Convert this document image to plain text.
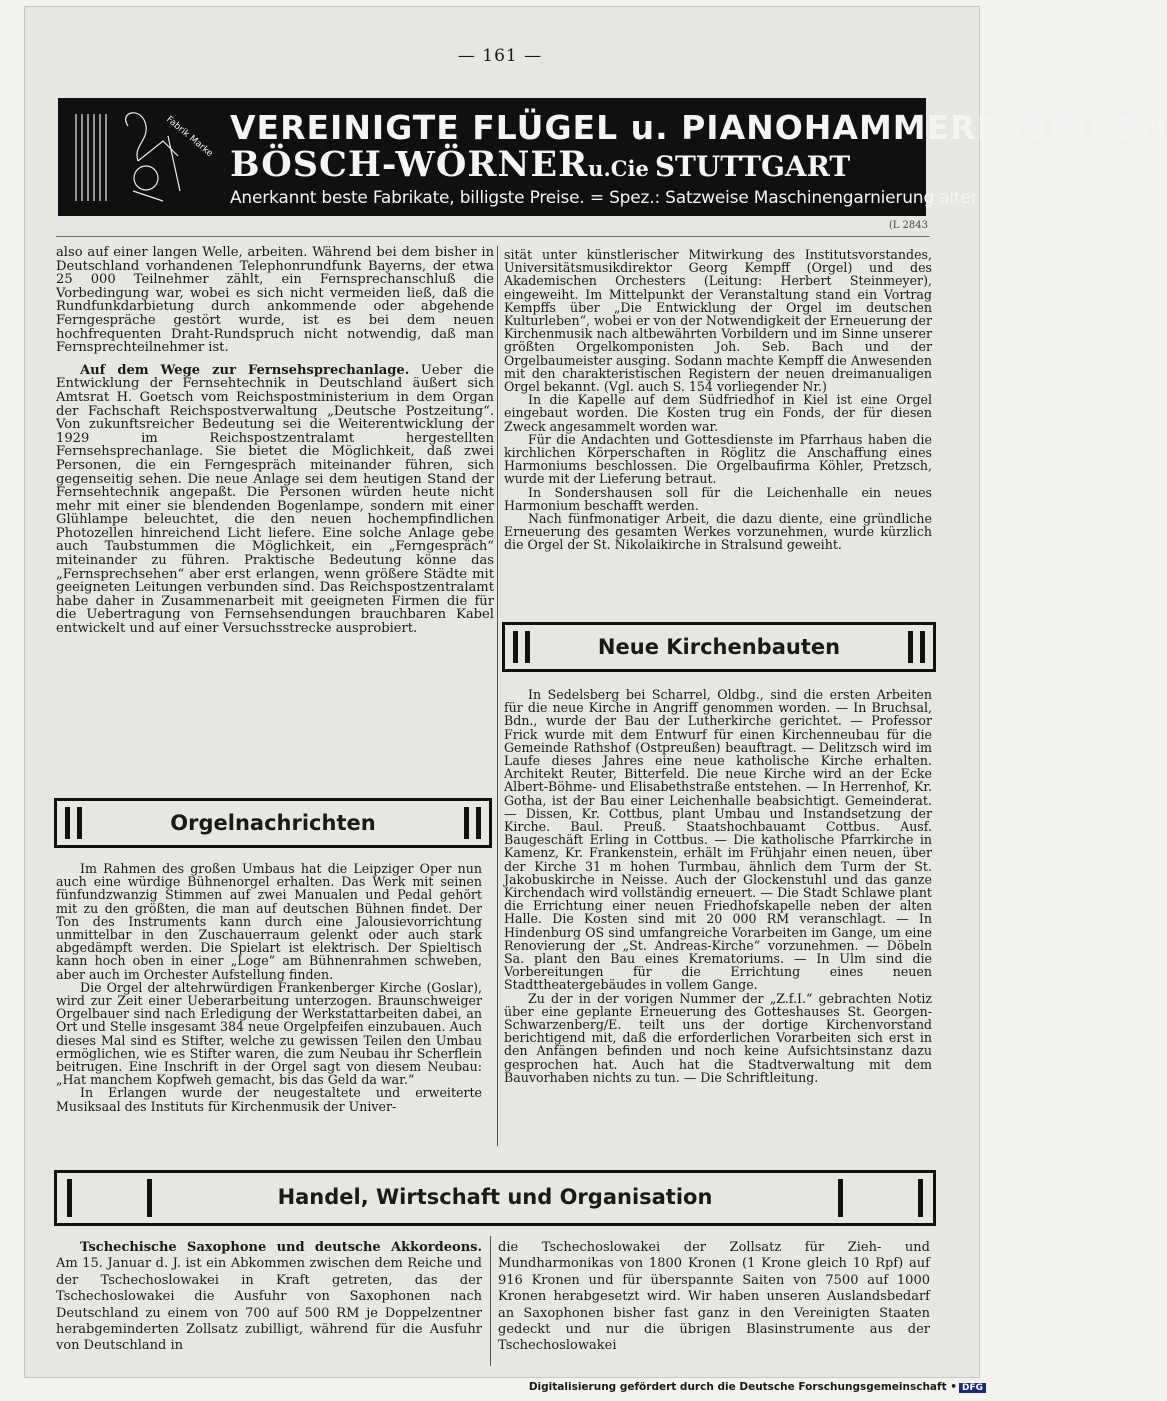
— 161 —
Fabrik Marke VEREINIGTE FLÜGEL u. PIANOHAMMERFABRIKEN
BÖSCH-WÖRNERu.Cie STUTTGART
Anerkannt beste Fabrikate, billigste Preise. = Spez.: Satzweise Maschinengarnierung alter Hämmer.
(L 2843

also auf einer langen Welle, arbeiten. Während bei dem bisher in Deutschland vorhandenen Telephonrundfunk Bayerns, der etwa 25 000 Teilnehmer zählt, ein Fernsprechanschluß die Vorbedingung war, wobei es sich nicht vermeiden ließ, daß die Rundfunkdarbietung durch ankommende oder abgehende Ferngespräche gestört wurde, ist es bei dem neuen hochfrequenten Draht-Rundspruch nicht notwendig, daß man Fernsprechteilnehmer ist.

Auf dem Wege zur Fernsehsprechanlage. Ueber die Entwicklung der Fernsehtechnik in Deutschland äußert sich Amtsrat H. Goetsch vom Reichspostministerium in dem Organ der Fachschaft Reichspostverwaltung „Deutsche Postzeitung“. Von zukunftsreicher Bedeutung sei die Weiterentwicklung der 1929 im Reichspostzentralamt hergestellten Fernsehsprechanlage. Sie bietet die Möglichkeit, daß zwei Personen, die ein Ferngespräch miteinander führen, sich gegenseitig sehen. Die neue Anlage sei dem heutigen Stand der Fernsehtechnik angepaßt. Die Personen würden heute nicht mehr mit einer sie blendenden Bogenlampe, sondern mit einer Glühlampe beleuchtet, die den neuen hochempfindlichen Photozellen hinreichend Licht liefere. Eine solche Anlage gebe auch Taubstummen die Möglichkeit, ein „Ferngespräch“ miteinander zu führen. Praktische Bedeutung könne das „Fernsprechsehen“ aber erst erlangen, wenn größere Städte mit geeigneten Leitungen verbunden sind. Das Reichspostzentralamt habe daher in Zusammenarbeit mit geeigneten Firmen die für die Uebertragung von Fernsehsendungen brauchbaren Kabel entwickelt und auf einer Versuchsstrecke ausprobiert.

Orgelnachrichten

Im Rahmen des großen Umbaus hat die Leipziger Oper nun auch eine würdige Bühnenorgel erhalten. Das Werk mit seinen fünfundzwanzig Stimmen auf zwei Manualen und Pedal gehört mit zu den größten, die man auf deutschen Bühnen findet. Der Ton des Instruments kann durch eine Jalousievorrichtung unmittelbar in den Zuschauerraum gelenkt oder auch stark abgedämpft werden. Die Spielart ist elektrisch. Der Spieltisch kann hoch oben in einer „Loge“ am Bühnenrahmen schweben, aber auch im Orchester Aufstellung finden.

Die Orgel der altehrwürdigen Frankenberger Kirche (Goslar), wird zur Zeit einer Ueberarbeitung unterzogen. Braunschweiger Orgelbauer sind nach Erledigung der Werkstattarbeiten dabei, an Ort und Stelle insgesamt 384 neue Orgelpfeifen einzubauen. Auch dieses Mal sind es Stifter, welche zu gewissen Teilen den Umbau ermöglichen, wie es Stifter waren, die zum Neubau ihr Scherflein beitrugen. Eine Inschrift in der Orgel sagt von diesem Neubau: „Hat manchem Kopfweh gemacht, bis das Geld da war.“

In Erlangen wurde der neugestaltete und erweiterte Musiksaal des Instituts für Kirchenmusik der Univer-

sität unter künstlerischer Mitwirkung des Institutsvorstandes, Universitätsmusikdirektor Georg Kempff (Orgel) und des Akademischen Orchesters (Leitung: Herbert Steinmeyer), eingeweiht. Im Mittelpunkt der Veranstaltung stand ein Vortrag Kempffs über „Die Entwicklung der Orgel im deutschen Kulturleben“, wobei er von der Notwendigkeit der Erneuerung der Kirchenmusik nach altbewährten Vorbildern und im Sinne unserer größten Orgelkomponisten Joh. Seb. Bach und der Orgelbaumeister ausging. Sodann machte Kempff die Anwesenden mit den charakteristischen Registern der neuen dreimanualigen Orgel bekannt. (Vgl. auch S. 154 vorliegender Nr.)

In die Kapelle auf dem Südfriedhof in Kiel ist eine Orgel eingebaut worden. Die Kosten trug ein Fonds, der für diesen Zweck angesammelt worden war.

Für die Andachten und Gottesdienste im Pfarrhaus haben die kirchlichen Körperschaften in Röglitz die Anschaffung eines Harmoniums beschlossen. Die Orgelbaufirma Köhler, Pretzsch, wurde mit der Lieferung betraut.

In Sondershausen soll für die Leichenhalle ein neues Harmonium beschafft werden.

Nach fünfmonatiger Arbeit, die dazu diente, eine gründliche Erneuerung des gesamten Werkes vorzunehmen, wurde kürzlich die Orgel der St. Nikolaikirche in Stralsund geweiht.

Neue Kirchenbauten

In Sedelsberg bei Scharrel, Oldbg., sind die ersten Arbeiten für die neue Kirche in Angriff genommen worden. — In Bruchsal, Bdn., wurde der Bau der Lutherkirche gerichtet. — Professor Frick wurde mit dem Entwurf für einen Kirchenneubau für die Gemeinde Rathshof (Ostpreußen) beauftragt. — Delitzsch wird im Laufe dieses Jahres eine neue katholische Kirche erhalten. Architekt Reuter, Bitterfeld. Die neue Kirche wird an der Ecke Albert-Böhme- und Elisabethstraße entstehen. — In Herrenhof, Kr. Gotha, ist der Bau einer Leichenhalle beabsichtigt. Gemeinderat. — Dissen, Kr. Cottbus, plant Umbau und Instandsetzung der Kirche. Baul. Preuß. Staatshochbauamt Cottbus. Ausf. Baugeschäft Erling in Cottbus. — Die katholische Pfarrkirche in Kamenz, Kr. Frankenstein, erhält im Frühjahr einen neuen, über der Kirche 31 m hohen Turmbau, ähnlich dem Turm der St. Jakobuskirche in Neisse. Auch der Glockenstuhl und das ganze Kirchendach wird vollständig erneuert. — Die Stadt Schlawe plant die Errichtung einer neuen Friedhofskapelle neben der alten Halle. Die Kosten sind mit 20 000 RM veranschlagt. — In Hindenburg OS sind umfangreiche Vorarbeiten im Gange, um eine Renovierung der „St. Andreas-Kirche“ vorzunehmen. — Döbeln Sa. plant den Bau eines Krematoriums. — In Ulm sind die Vorbereitungen für die Errichtung eines neuen Stadttheatergebäudes in vollem Gange.

Zu der in der vorigen Nummer der „Z.f.I.“ gebrachten Notiz über eine geplante Erneuerung des Gotteshauses St. Georgen-Schwarzenberg/E. teilt uns der dortige Kirchenvorstand berichtigend mit, daß die erforderlichen Vorarbeiten sich erst in den Anfängen befinden und noch keine Aufsichtsinstanz dazu gesprochen hat. Auch hat die Stadtverwaltung mit dem Bauvorhaben nichts zu tun. — Die Schriftleitung.

Handel, Wirtschaft und Organisation

Tschechische Saxophone und deutsche Akkordeons. Am 15. Januar d. J. ist ein Abkommen zwischen dem Reiche und der Tschechoslowakei in Kraft getreten, das der Tschechoslowakei die Ausfuhr von Saxophonen nach Deutschland zu einem von 700 auf 500 RM je Doppelzentner herabgeminderten Zollsatz zubilligt, während für die Ausfuhr von Deutschland in

die Tschechoslowakei der Zollsatz für Zieh- und Mundharmonikas von 1800 Kronen (1 Krone gleich 10 Rpf) auf 916 Kronen und für überspannte Saiten von 7500 auf 1000 Kronen herabgesetzt wird. Wir haben unseren Auslandsbedarf an Saxophonen bisher fast ganz in den Vereinigten Staaten gedeckt und nur die übrigen Blasinstrumente aus der Tschechoslowakei

Digitalisierung gefördert durch die Deutsche Forschungsgemeinschaft • DFG
